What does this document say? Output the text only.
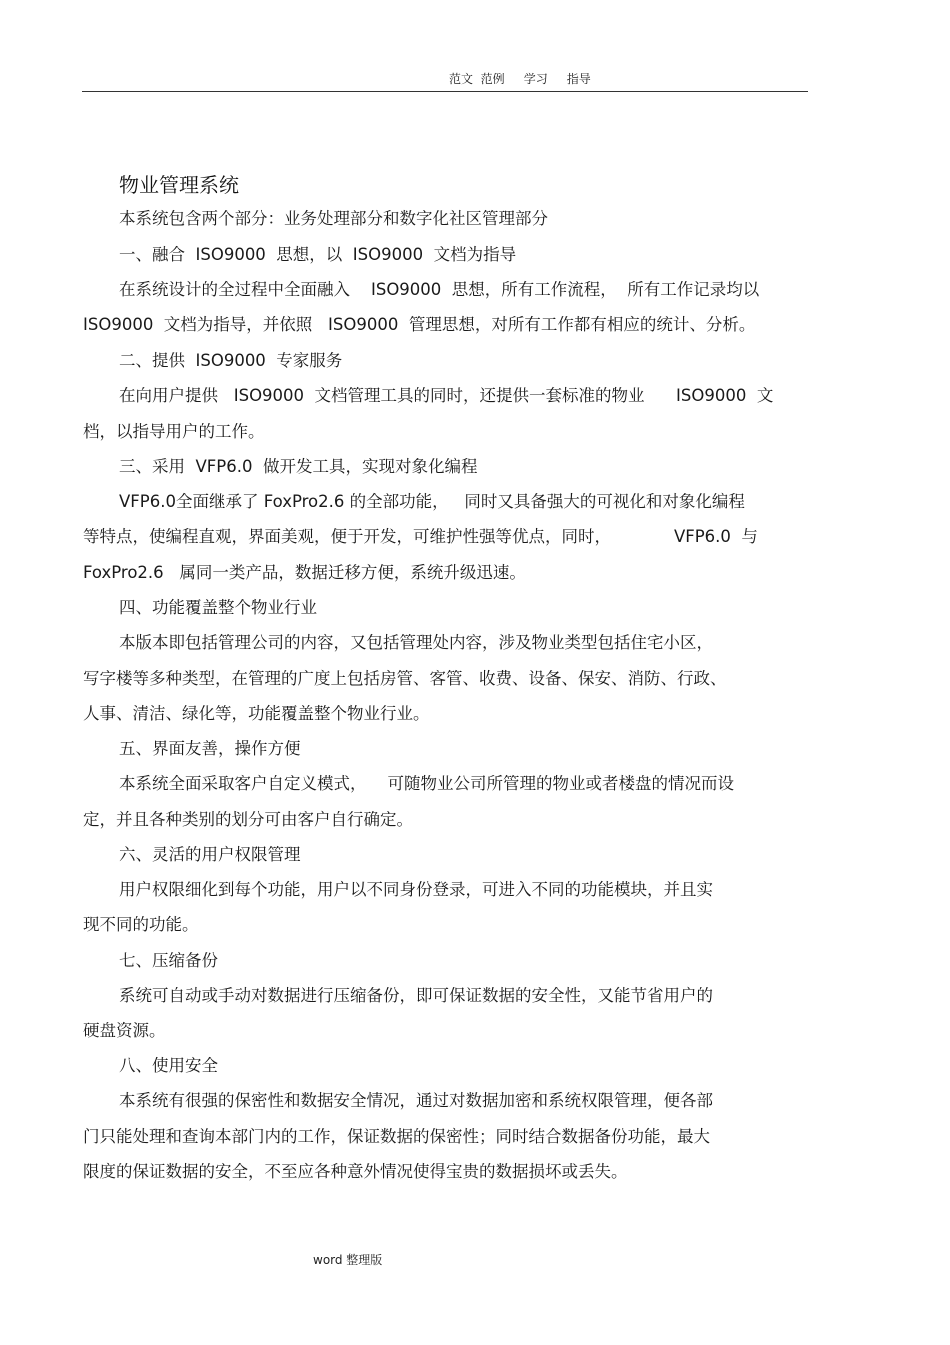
范文  范例     学习     指导
物业管理系统
本系统包含两个部分：业务处理部分和数字化社区管理部分
一、融合  ISO9000  思想，以  ISO9000  文档为指导
在系统设计的全过程中全面融入    ISO9000  思想，所有工作流程，  所有工作记录均以
ISO9000  文档为指导，并依照   ISO9000  管理思想，对所有工作都有相应的统计、分析。
二、提供  ISO9000  专家服务
在向用户提供   ISO9000  文档管理工具的同时，还提供一套标准的物业      ISO9000  文
档，以指导用户的工作。
三、采用  VFP6.0  做开发工具，实现对象化编程
VFP6.0全面继承了 FoxPro2.6 的全部功能，   同时又具备强大的可视化和对象化编程
等特点，使编程直观，界面美观，便于开发，可维护性强等优点，同时，            VFP6.0  与
FoxPro2.6   属同一类产品，数据迁移方便，系统升级迅速。
四、功能覆盖整个物业行业
本版本即包括管理公司的内容，又包括管理处内容，涉及物业类型包括住宅小区，
写字楼等多种类型，在管理的广度上包括房管、客管、收费、设备、保安、消防、行政、
人事、清洁、绿化等，功能覆盖整个物业行业。
五、界面友善，操作方便
本系统全面采取客户自定义模式，    可随物业公司所管理的物业或者楼盘的情况而设
定，并且各种类别的划分可由客户自行确定。
六、灵活的用户权限管理
用户权限细化到每个功能，用户以不同身份登录，可进入不同的功能模块，并且实
现不同的功能。
七、压缩备份
系统可自动或手动对数据进行压缩备份，即可保证数据的安全性，又能节省用户的
硬盘资源。
八、使用安全
本系统有很强的保密性和数据安全情况，通过对数据加密和系统权限管理，便各部
门只能处理和查询本部门内的工作，保证数据的保密性；同时结合数据备份功能，最大
限度的保证数据的安全，不至应各种意外情况使得宝贵的数据损坏或丢失。
word 整理版
